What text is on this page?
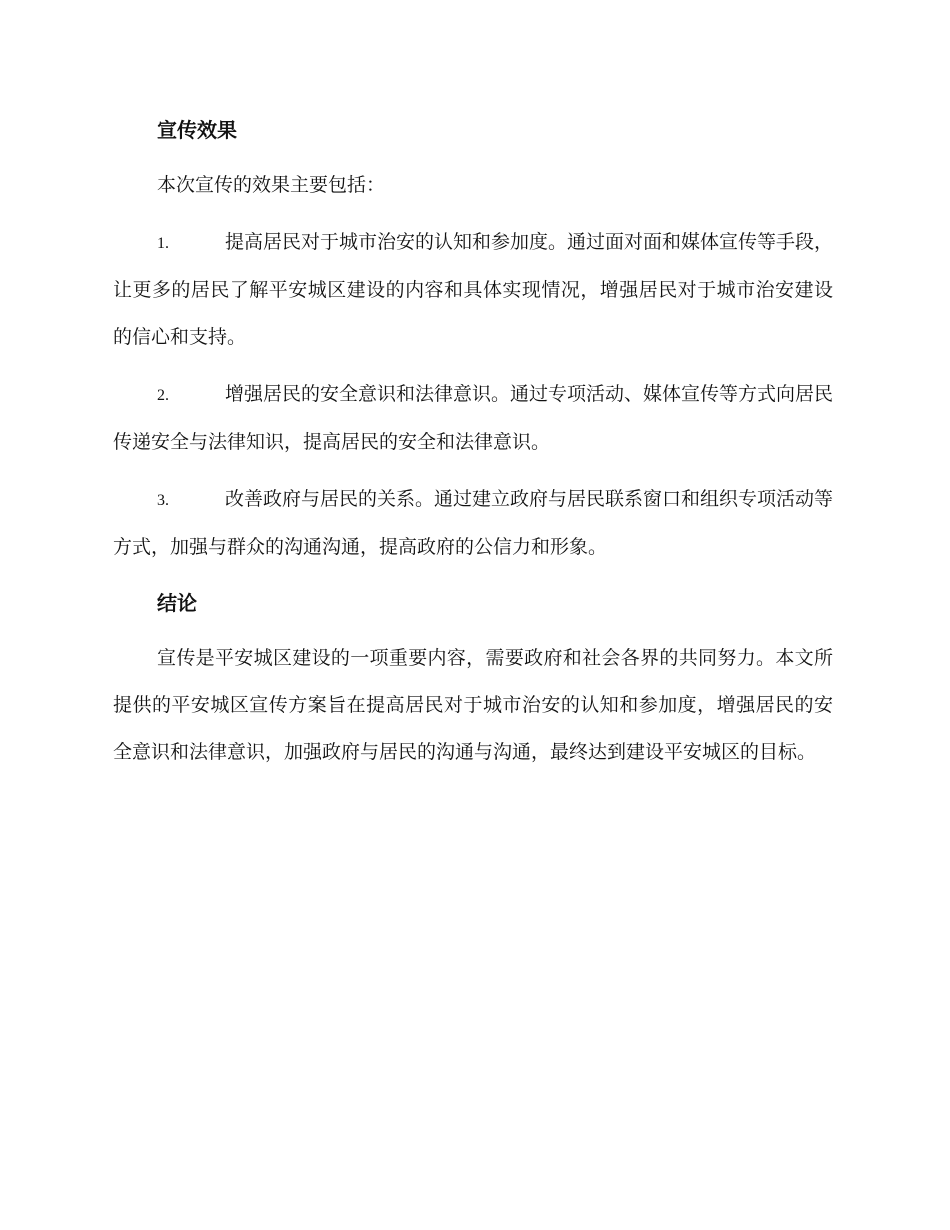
宣传效果

本次宣传的效果主要包括：

1.	提高居民对于城市治安的认知和参加度。通过面对面和媒体宣传等手段，让更多的居民了解平安城区建设的内容和具体实现情况，增强居民对于城市治安建设的信心和支持。

2.	增强居民的安全意识和法律意识。通过专项活动、媒体宣传等方式向居民传递安全与法律知识，提高居民的安全和法律意识。

3.	改善政府与居民的关系。通过建立政府与居民联系窗口和组织专项活动等方式，加强与群众的沟通沟通，提高政府的公信力和形象。

结论

宣传是平安城区建设的一项重要内容，需要政府和社会各界的共同努力。本文所提供的平安城区宣传方案旨在提高居民对于城市治安的认知和参加度，增强居民的安全意识和法律意识，加强政府与居民的沟通与沟通，最终达到建设平安城区的目标。
